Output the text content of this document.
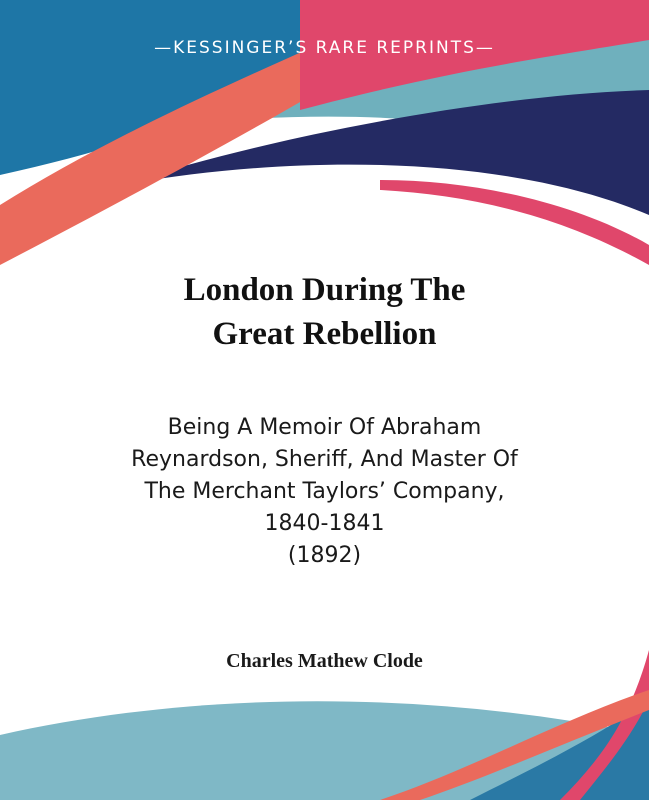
—KESSINGER’S RARE REPRINTS—
London During The
Great Rebellion
Being A Memoir Of Abraham
Reynardson, Sheriff, And Master Of
The Merchant Taylors’ Company,
1840-1841
(1892)
Charles Mathew Clode
